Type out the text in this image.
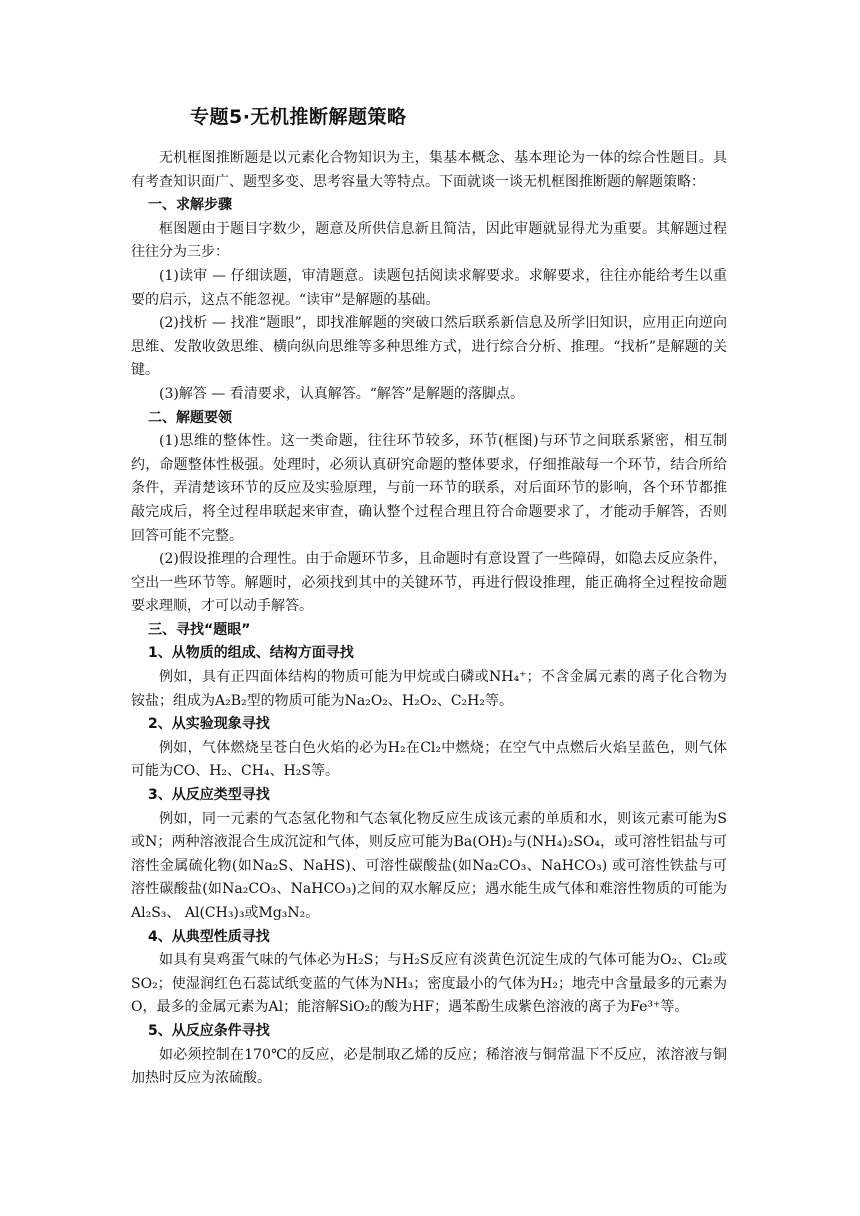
专题5·无机推断解题策略

无机框图推断题是以元素化合物知识为主，集基本概念、基本理论为一体的综合性题目。具有考查知识面广、题型多变、思考容量大等特点。下面就谈一谈无机框图推断题的解题策略：

一、求解步骤

框图题由于题目字数少，题意及所供信息新且简洁，因此审题就显得尤为重要。其解题过程往往分为三步：

(1)读审 — 仔细读题，审清题意。读题包括阅读求解要求。求解要求，往往亦能给考生以重要的启示，这点不能忽视。“读审”是解题的基础。

(2)找析 — 找准“题眼”，即找准解题的突破口然后联系新信息及所学旧知识，应用正向逆向思维、发散收敛思维、横向纵向思维等多种思维方式，进行综合分析、推理。“找析”是解题的关键。

(3)解答 — 看清要求，认真解答。“解答”是解题的落脚点。

二、解题要领

(1)思维的整体性。这一类命题，往往环节较多，环节(框图)与环节之间联系紧密，相互制约，命题整体性极强。处理时，必须认真研究命题的整体要求，仔细推敲每一个环节，结合所给条件，弄清楚该环节的反应及实验原理，与前一环节的联系，对后面环节的影响，各个环节都推敲完成后，将全过程串联起来审查，确认整个过程合理且符合命题要求了，才能动手解答，否则回答可能不完整。

(2)假设推理的合理性。由于命题环节多，且命题时有意设置了一些障碍，如隐去反应条件，空出一些环节等。解题时，必须找到其中的关键环节，再进行假设推理，能正确将全过程按命题要求理顺，才可以动手解答。

三、寻找“题眼”
1、从物质的组成、结构方面寻找

例如，具有正四面体结构的物质可能为甲烷或白磷或NH₄⁺；不含金属元素的离子化合物为铵盐；组成为A₂B₂型的物质可能为Na₂O₂、H₂O₂、C₂H₂等。

2、从实验现象寻找

例如，气体燃烧呈苍白色火焰的必为H₂在Cl₂中燃烧；在空气中点燃后火焰呈蓝色，则气体可能为CO、H₂、CH₄、H₂S等。

3、从反应类型寻找

例如，同一元素的气态氢化物和气态氧化物反应生成该元素的单质和水，则该元素可能为S或N；两种溶液混合生成沉淀和气体，则反应可能为Ba(OH)₂与(NH₄)₂SO₄，或可溶性铝盐与可溶性金属硫化物(如Na₂S、NaHS)、可溶性碳酸盐(如Na₂CO₃、NaHCO₃) 或可溶性铁盐与可溶性碳酸盐(如Na₂CO₃、NaHCO₃)之间的双水解反应；遇水能生成气体和难溶性物质的可能为Al₂S₃、 Al(CH₃)₃或Mg₃N₂。

4、从典型性质寻找

如具有臭鸡蛋气味的气体必为H₂S；与H₂S反应有淡黄色沉淀生成的气体可能为O₂、Cl₂或SO₂；使湿润红色石蕊试纸变蓝的气体为NH₃；密度最小的气体为H₂；地壳中含量最多的元素为O，最多的金属元素为Al；能溶解SiO₂的酸为HF；遇苯酚生成紫色溶液的离子为Fe³⁺等。

5、从反应条件寻找

如必须控制在170℃的反应，必是制取乙烯的反应；稀溶液与铜常温下不反应，浓溶液与铜加热时反应为浓硫酸。
